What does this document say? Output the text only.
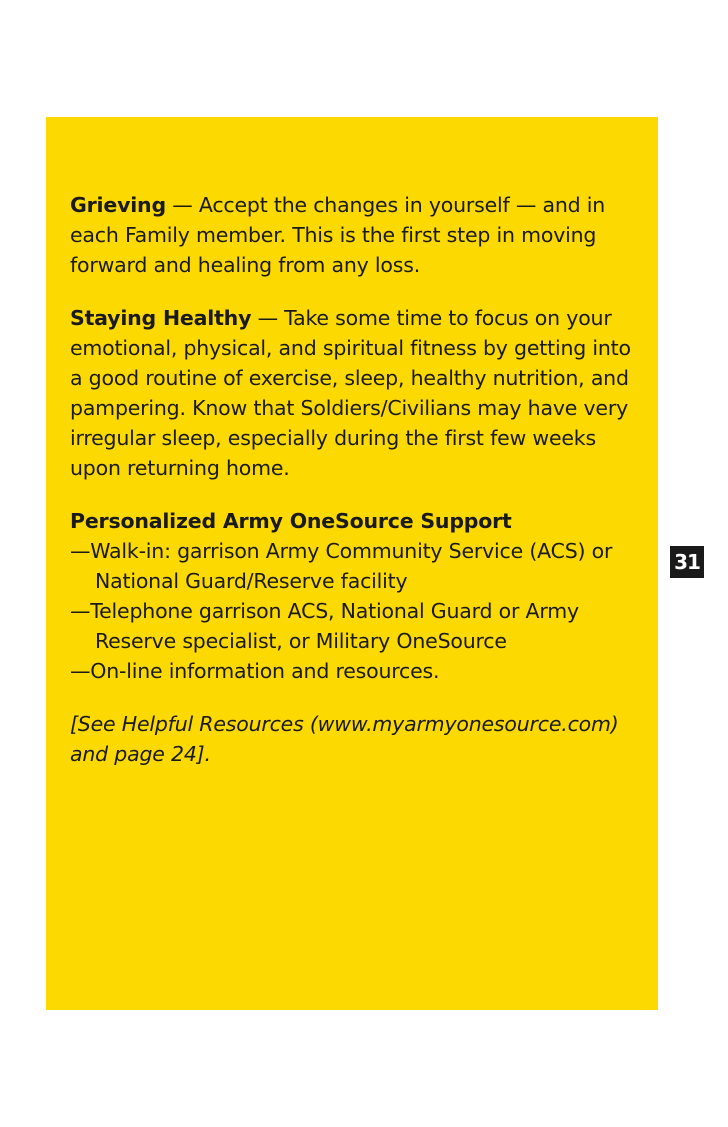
Grieving — Accept the changes in yourself — and in each Family member. This is the first step in moving forward and healing from any loss.

Staying Healthy — Take some time to focus on your emotional, physical, and spiritual fitness by getting into a good routine of exercise, sleep, healthy nutrition, and pampering. Know that Soldiers/Civilians may have very irregular sleep, especially during the first few weeks upon returning home.

Personalized Army OneSource Support

—Walk-in: garrison Army Community Service (ACS) or National Guard/Reserve facility
—Telephone garrison ACS, National Guard or Army Reserve specialist, or Military OneSource
—On-line information and resources.

[See Helpful Resources (www.myarmyonesource.com) and page 24].

31
